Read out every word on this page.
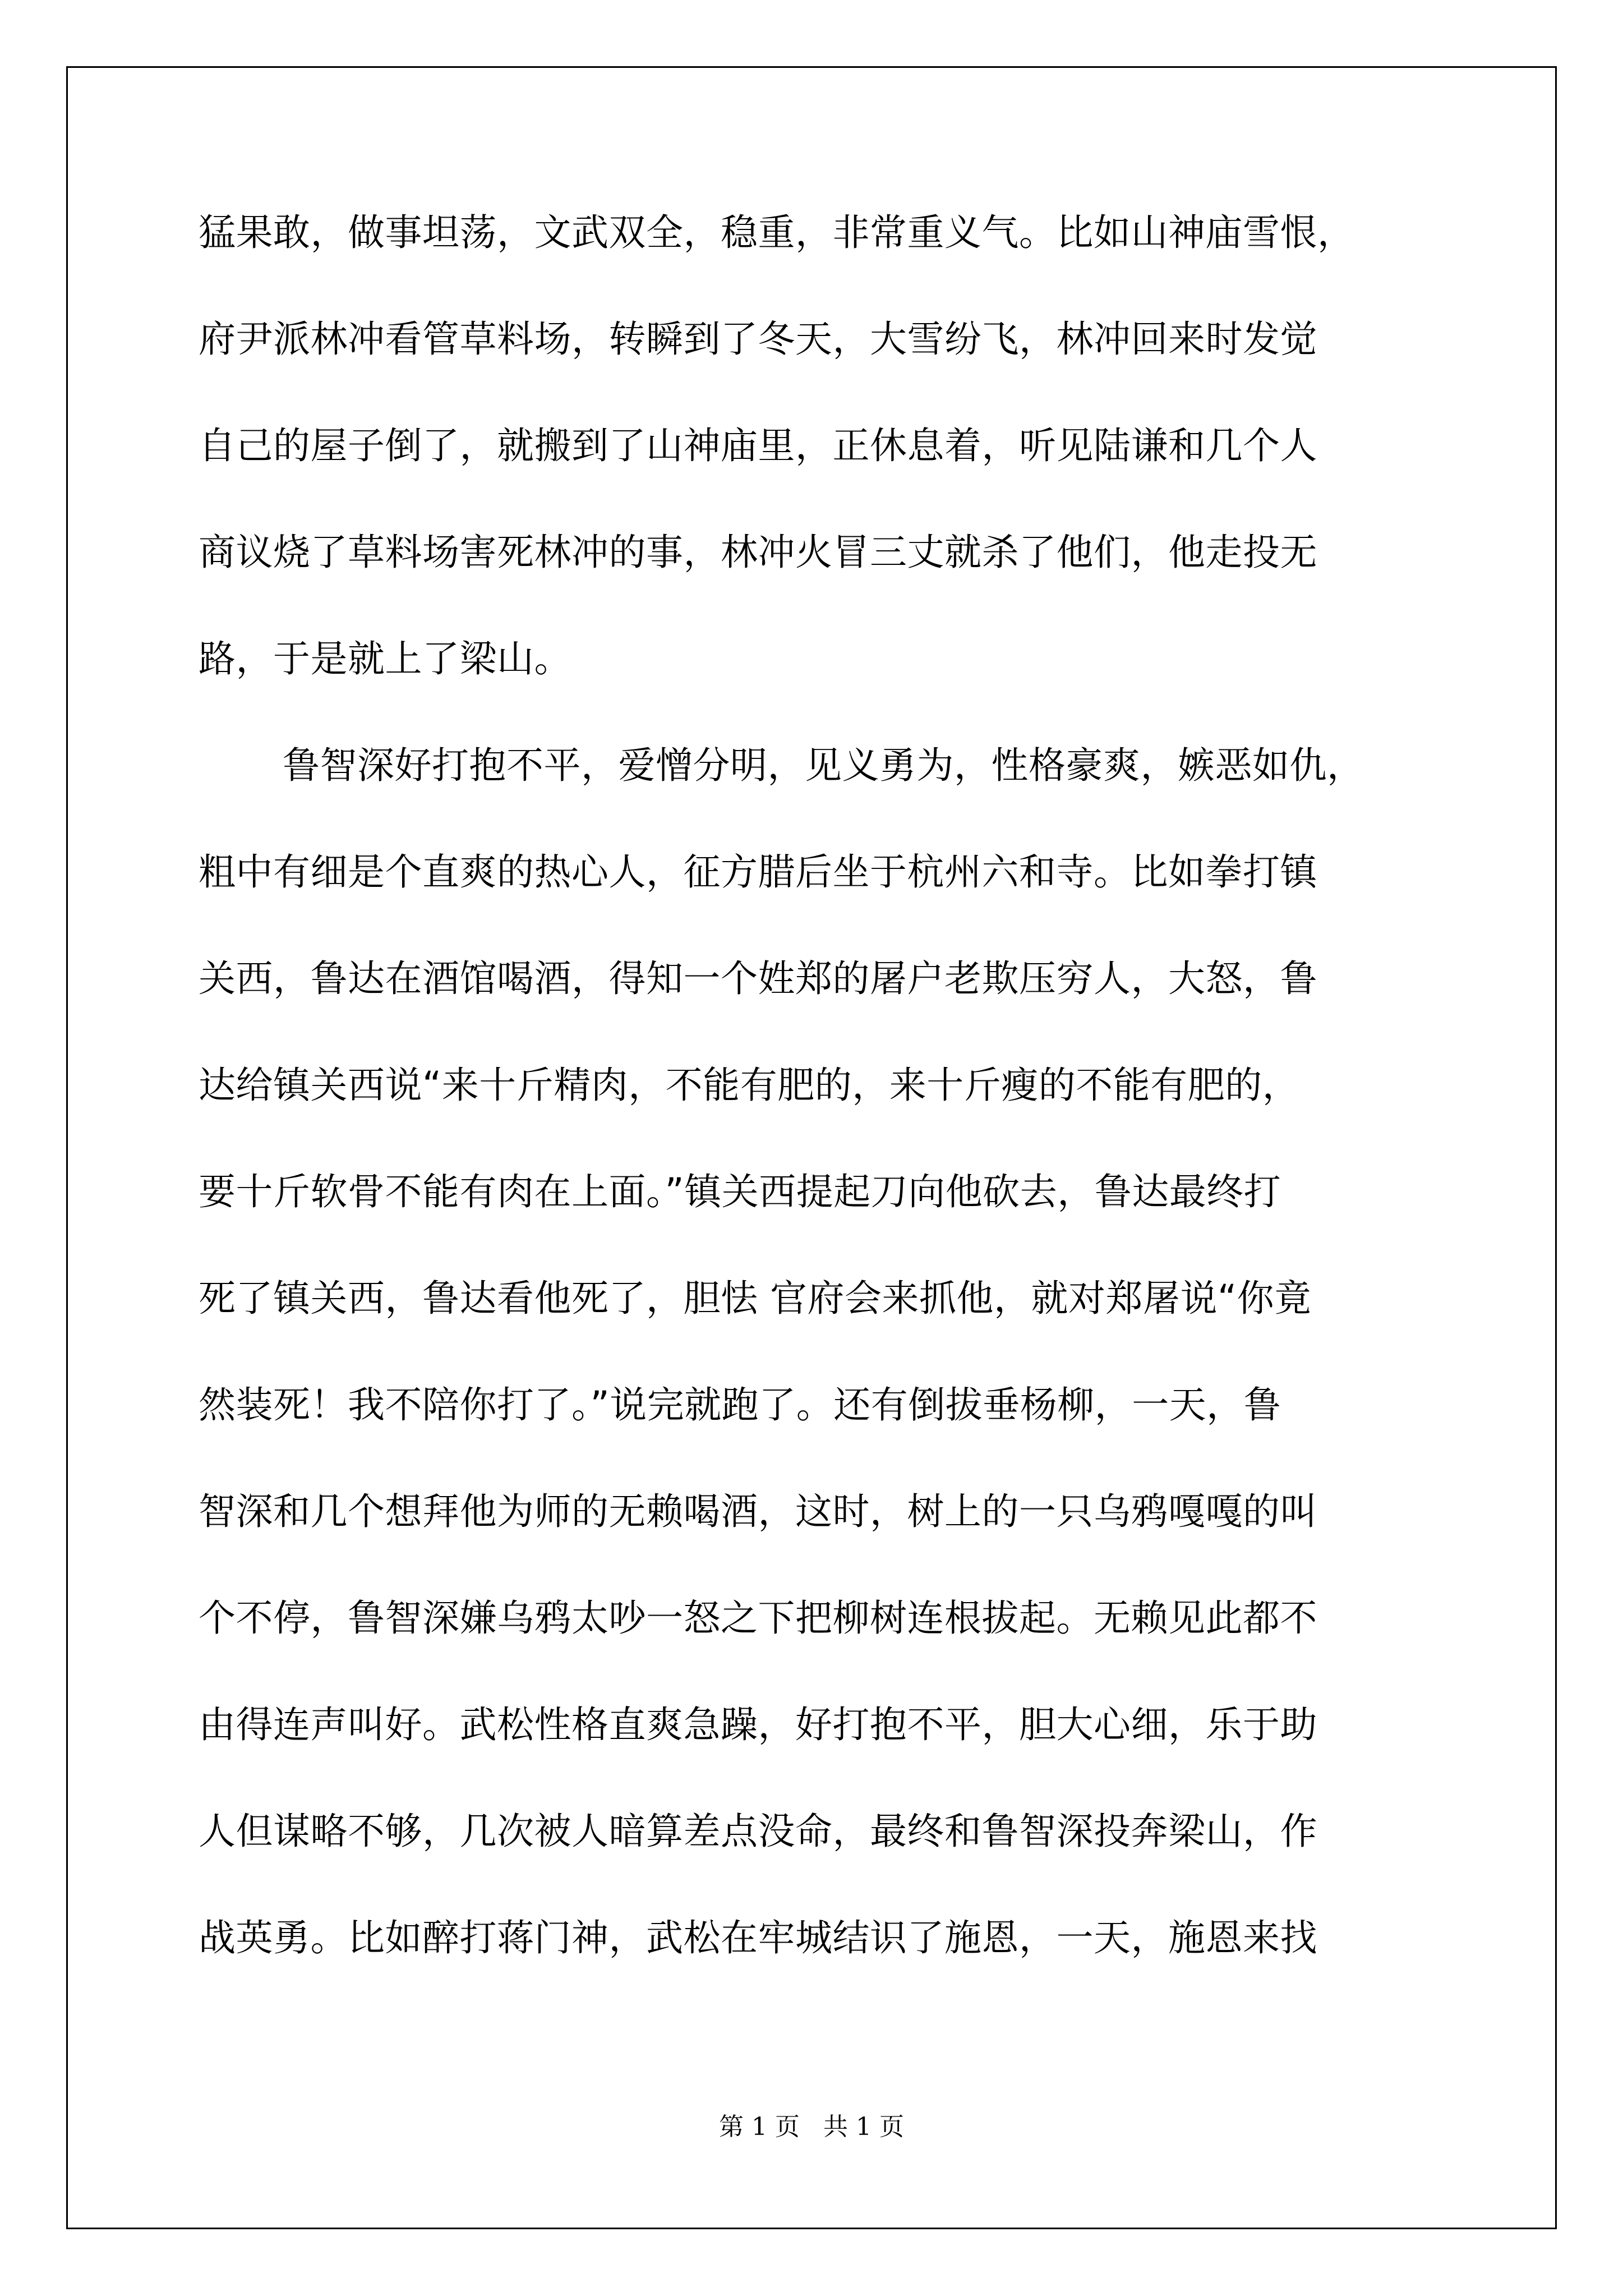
猛果敢，做事坦荡，文武双全，稳重，非常重义气。比如山神庙雪恨，
府尹派林冲看管草料场，转瞬到了冬天，大雪纷飞，林冲回来时发觉
自己的屋子倒了，就搬到了山神庙里，正休息着，听见陆谦和几个人
商议烧了草料场害死林冲的事，林冲火冒三丈就杀了他们，他走投无
路，于是就上了梁山。
鲁智深好打抱不平，爱憎分明，见义勇为，性格豪爽，嫉恶如仇，
粗中有细是个直爽的热心人，征方腊后坐于杭州六和寺。比如拳打镇
关西，鲁达在酒馆喝酒，得知一个姓郑的屠户老欺压穷人，大怒，鲁
达给镇关西说“来十斤精肉，不能有肥的，来十斤瘦的不能有肥的，
要十斤软骨不能有肉在上面。”镇关西提起刀向他砍去，鲁达最终打
死了镇关西，鲁达看他死了，胆怯 官府会来抓他，就对郑屠说“你竟
然装死！我不陪你打了。”说完就跑了。还有倒拔垂杨柳，一天，鲁
智深和几个想拜他为师的无赖喝酒，这时，树上的一只乌鸦嘎嘎的叫
个不停，鲁智深嫌乌鸦太吵一怒之下把柳树连根拔起。无赖见此都不
由得连声叫好。武松性格直爽急躁，好打抱不平，胆大心细，乐于助
人但谋略不够，几次被人暗算差点没命，最终和鲁智深投奔梁山，作
战英勇。比如醉打蒋门神，武松在牢城结识了施恩，一天，施恩来找
第 1 页   共 1 页
